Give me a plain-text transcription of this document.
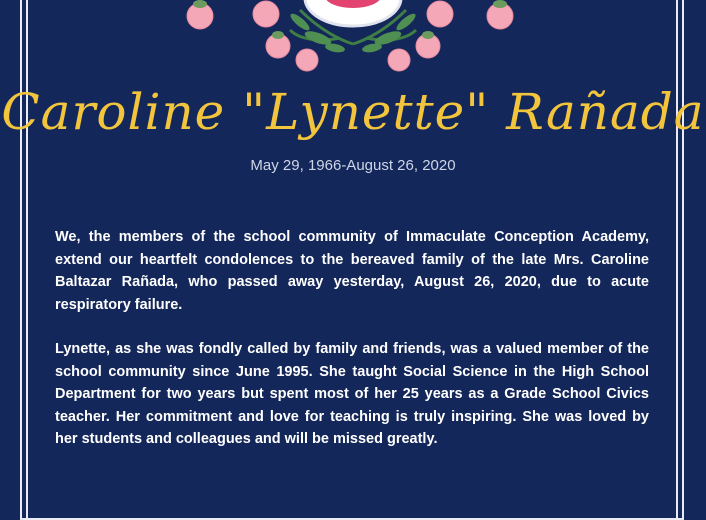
Caroline "Lynette" Rañada
May 29, 1966-August 26, 2020

We, the members of the school community of Immaculate Conception Academy, extend our heartfelt condolences to the bereaved family of the late Mrs. Caroline Baltazar Rañada, who passed away yesterday, August 26, 2020, due to acute respiratory failure.

Lynette, as she was fondly called by family and friends, was a valued member of the school community since June 1995. She taught Social Science in the High School Department for two years but spent most of her 25 years as a Grade School Civics teacher. Her commitment and love for teaching is truly inspiring. She was loved by her students and colleagues and will be missed greatly.
